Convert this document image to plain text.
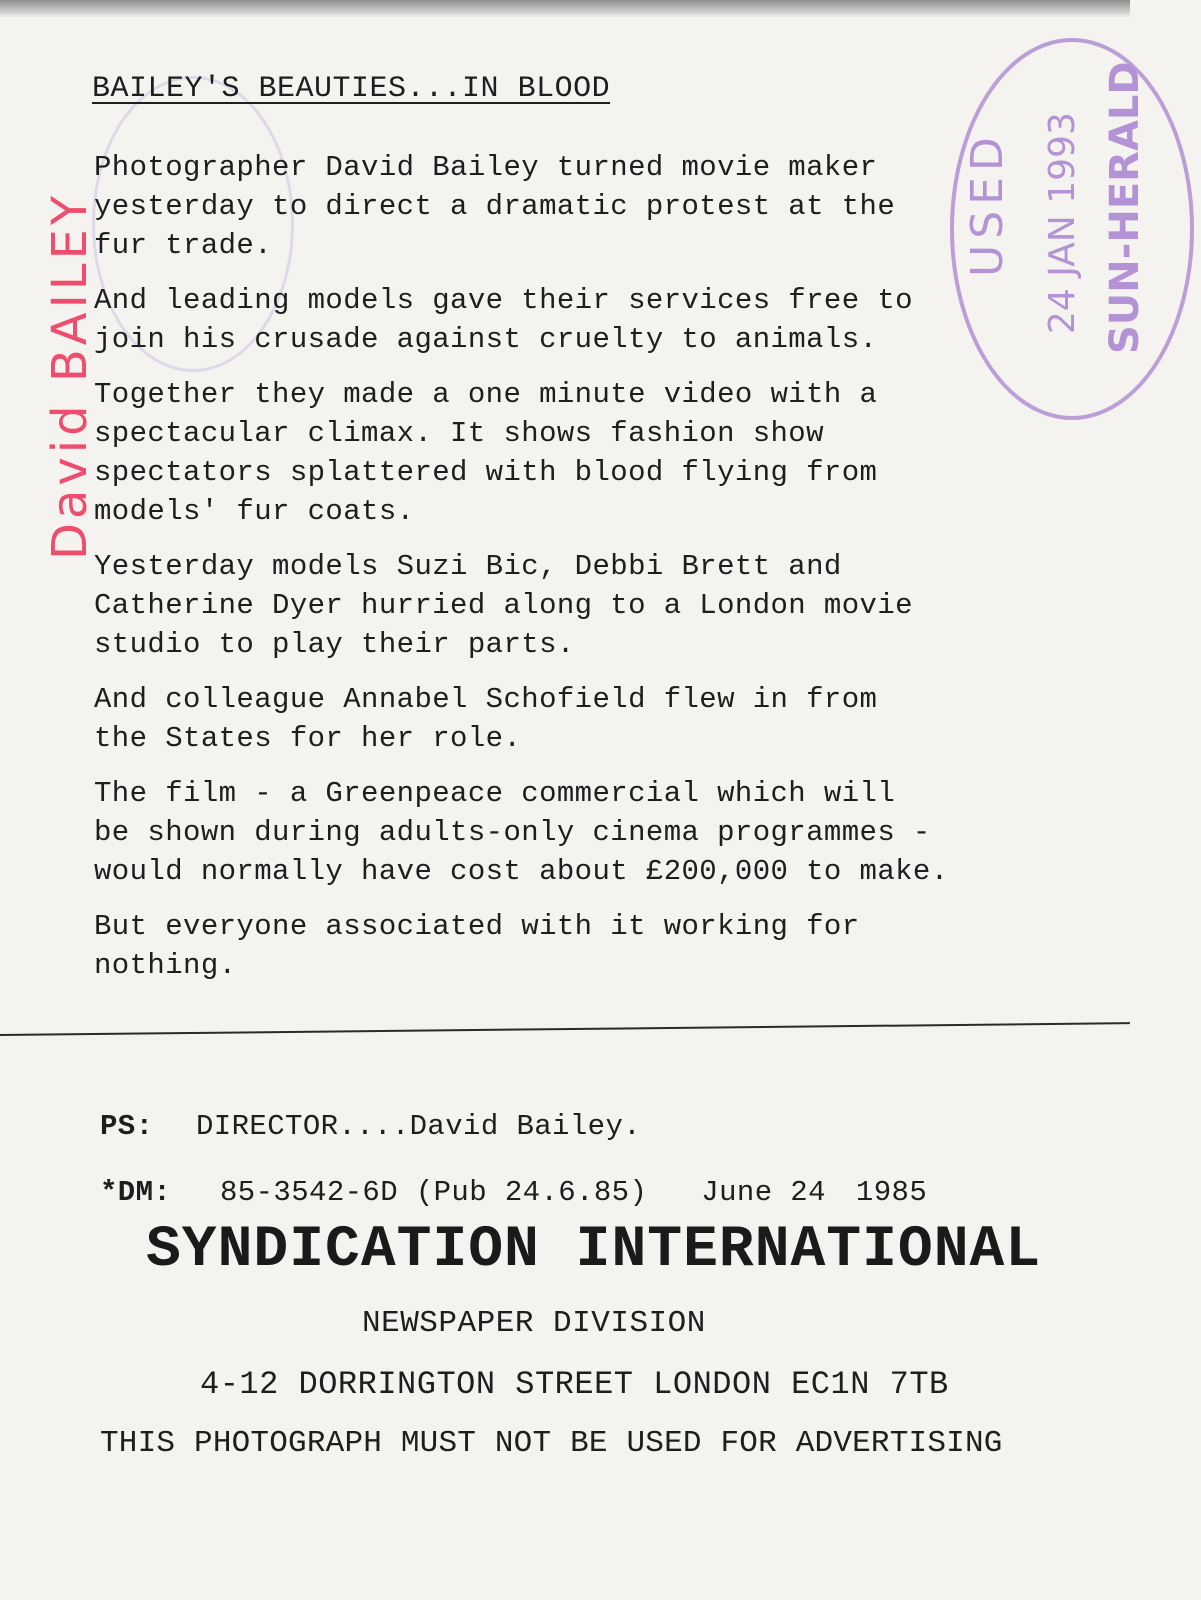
BAILEY'S BEAUTIES...IN BLOOD

Photographer David Bailey turned movie maker
yesterday to direct a dramatic protest at the
fur trade.

And leading models gave their services free to
join his crusade against cruelty to animals.

Together they made a one minute video with a
spectacular climax. It shows fashion show
spectators splattered with blood flying from
models' fur coats.

Yesterday models Suzi Bic, Debbi Brett and
Catherine Dyer hurried along to a London movie
studio to play their parts.

And colleague Annabel Schofield flew in from
the States for her role.

The film - a Greenpeace commercial which will
be shown during adults-only cinema programmes -
would normally have cost about £200,000 to make.

But everyone associated with it working for
nothing.

PS: DIRECTOR....David Bailey.
*DM: 85-3542-6D (Pub 24.6.85) June 24 1985
SYNDICATION INTERNATIONAL
NEWSPAPER DIVISION
4-12 DORRINGTON STREET LONDON EC1N 7TB
THIS PHOTOGRAPH MUST NOT BE USED FOR ADVERTISING
David BAILEY	USED 24 JAN 1993 SUN-HERALD
